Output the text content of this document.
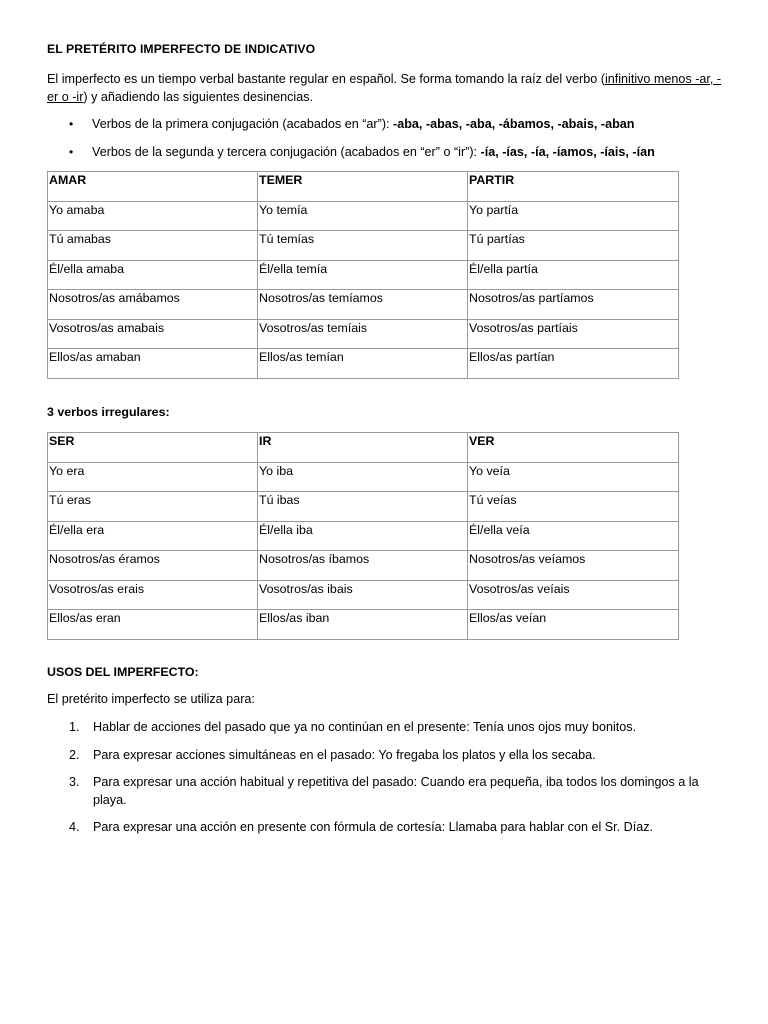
EL PRETÉRITO IMPERFECTO DE INDICATIVO
El imperfecto es un tiempo verbal bastante regular en español. Se forma tomando la raíz del verbo (infinitivo menos -ar, -er o -ir) y añadiendo las siguientes desinencias.
• Verbos de la primera conjugación (acabados en “ar”): -aba, -abas, -aba, -ábamos, -abais, -aban
• Verbos de la segunda y tercera conjugación (acabados en “er” o “ir”): -ía, -ías, -ía, -íamos, -íais, -ían
AMAR	TEMER	PARTIR
Yo amaba	Yo temía	Yo partía
Tú amabas	Tú temías	Tú partías
Él/ella amaba	Él/ella temía	Él/ella partía
Nosotros/as amábamos	Nosotros/as temíamos	Nosotros/as partíamos
Vosotros/as amabais	Vosotros/as temíais	Vosotros/as partíais
Ellos/as amaban	Ellos/as temían	Ellos/as partían
3 verbos irregulares:
SER	IR	VER
Yo era	Yo iba	Yo veía
Tú eras	Tú ibas	Tú veías
Él/ella era	Él/ella iba	Él/ella veía
Nosotros/as éramos	Nosotros/as íbamos	Nosotros/as veíamos
Vosotros/as erais	Vosotros/as ibais	Vosotros/as veíais
Ellos/as eran	Ellos/as iban	Ellos/as veían
USOS DEL IMPERFECTO:
El pretérito imperfecto se utiliza para:
1. Hablar de acciones del pasado que ya no continúan en el presente: Tenía unos ojos muy bonitos.
2. Para expresar acciones simultáneas en el pasado: Yo fregaba los platos y ella los secaba.
3. Para expresar una acción habitual y repetitiva del pasado: Cuando era pequeña, iba todos los domingos a la playa.
4. Para expresar una acción en presente con fórmula de cortesía: Llamaba para hablar con el Sr. Díaz.
